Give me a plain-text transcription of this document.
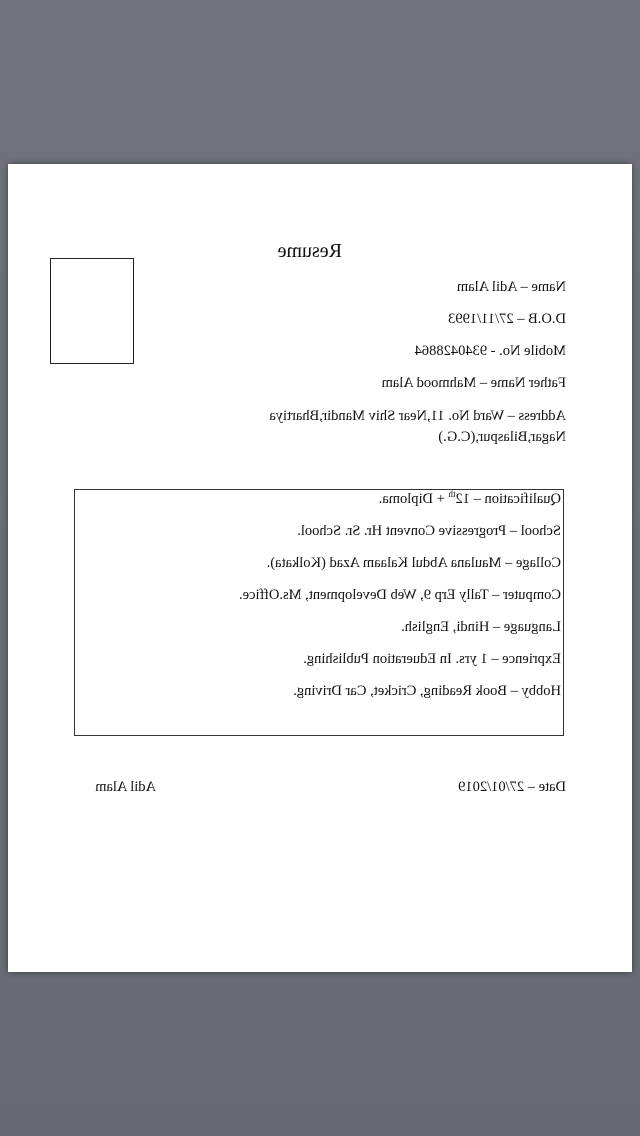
Resume
Name – Adil Alam
D.O.B – 27/11/1993
Mobile No. - 9340428864
Father Name – Mahmood Alam
Address – Ward No. 11,Near Shiv Mandir,Bhartiya Nagar,Bilaspur,(C.G.)
Qualification – 12th + Diploma.
School – Progressive Convent Hr. Sr. School.
Collage – Maulana Abdul Kalaam Azad (Kolkata).
Computer – Tally Erp 9, Web Development, Ms.Office.
Language – Hindi, English.
Exprience – 1 yrs. In Edueration Publishing.
Hobby – Book Reading, Cricket, Car Driving.
Date – 27/01/2019
Adil Alam
